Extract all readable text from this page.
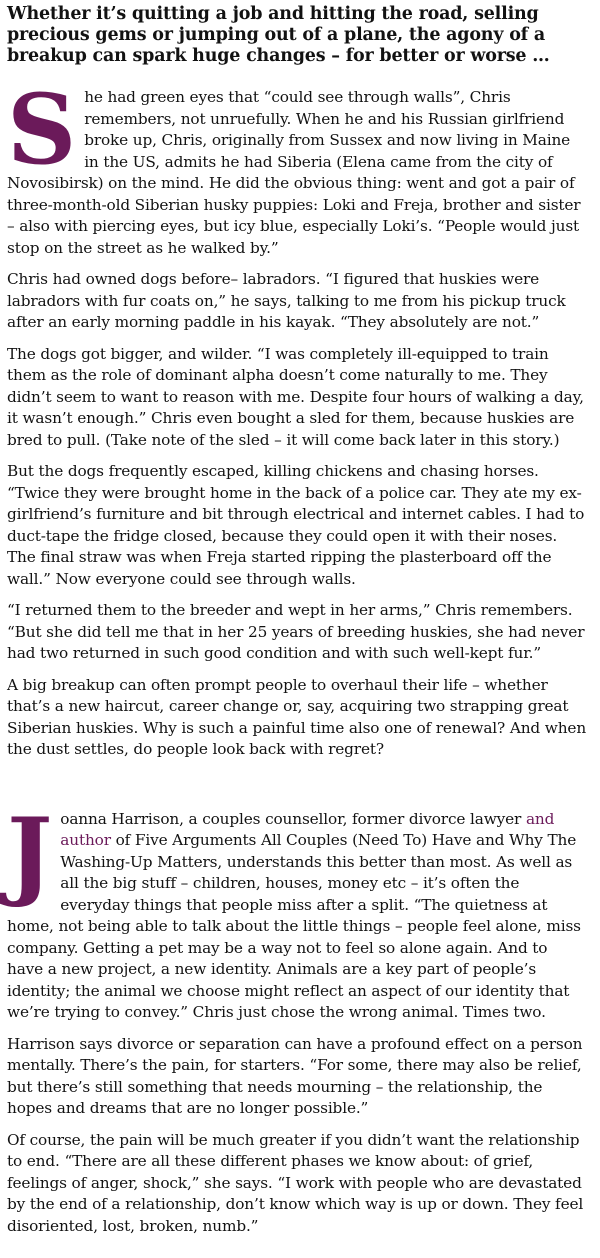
Whether it’s quitting a job and hitting the road, selling precious gems or jumping out of a plane, the agony of a breakup can spark huge changes – for better or worse …

She had green eyes that “could see through walls”, Chris remembers, not unruefully. When he and his Russian girlfriend broke up, Chris, originally from Sussex and now living in Maine in the US, admits he had Siberia (Elena came from the city of Novosibirsk) on the mind. He did the obvious thing: went and got a pair of three-month-old Siberian husky puppies: Loki and Freja, brother and sister – also with piercing eyes, but icy blue, especially Loki’s. “People would just stop on the street as he walked by.”

Chris had owned dogs before– labradors. “I figured that huskies were labradors with fur coats on,” he says, talking to me from his pickup truck after an early morning paddle in his kayak. “They absolutely are not.”

The dogs got bigger, and wilder. “I was completely ill-equipped to train them as the role of dominant alpha doesn’t come naturally to me. They didn’t seem to want to reason with me. Despite four hours of walking a day, it wasn’t enough.” Chris even bought a sled for them, because huskies are bred to pull. (Take note of the sled – it will come back later in this story.)

But the dogs frequently escaped, killing chickens and chasing horses. “Twice they were brought home in the back of a police car. They ate my ex-girlfriend’s furniture and bit through electrical and internet cables. I had to duct-tape the fridge closed, because they could open it with their noses. The final straw was when Freja started ripping the plasterboard off the wall.” Now everyone could see through walls.

“I returned them to the breeder and wept in her arms,” Chris remembers. “But she did tell me that in her 25 years of breeding huskies, she had never had two returned in such good condition and with such well-kept fur.”

A big breakup can often prompt people to overhaul their life – whether that’s a new haircut, career change or, say, acquiring two strapping great Siberian huskies. Why is such a painful time also one of renewal? And when the dust settles, do people look back with regret?

Joanna Harrison, a couples counsellor, former divorce lawyer and author of Five Arguments All Couples (Need To) Have and Why The Washing-Up Matters, understands this better than most. As well as all the big stuff – children, houses, money etc – it’s often the everyday things that people miss after a split. “The quietness at home, not being able to talk about the little things – people feel alone, miss company. Getting a pet may be a way not to feel so alone again. And to have a new project, a new identity. Animals are a key part of people’s identity; the animal we choose might reflect an aspect of our identity that we’re trying to convey.” Chris just chose the wrong animal. Times two.

Harrison says divorce or separation can have a profound effect on a person mentally. There’s the pain, for starters. “For some, there may also be relief, but there’s still something that needs mourning – the relationship, the hopes and dreams that are no longer possible.”

Of course, the pain will be much greater if you didn’t want the relationship to end. “There are all these different phases we know about: of grief, feelings of anger, shock,” she says. “I work with people who are devastated by the end of a relationship, don’t know which way is up or down. They feel disoriented, lost, broken, numb.”
